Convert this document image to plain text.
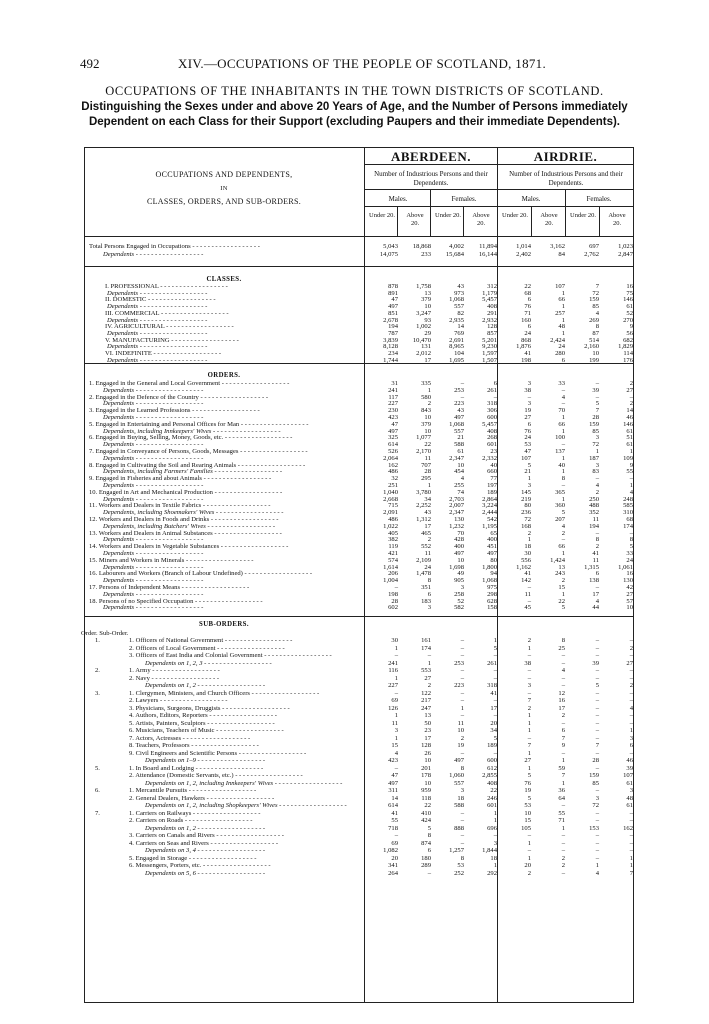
492	XIV.—OCCUPATIONS OF THE PEOPLE OF SCOTLAND, 1871.
OCCUPATIONS OF THE INHABITANTS IN THE TOWN DISTRICTS OF SCOTLAND.
Distinguishing the Sexes under and above 20 Years of Age, and the Number of Persons immediately
Dependent on each Class for their Support (excluding Paupers and their immediate Dependents).
OCCUPATIONS AND DEPENDENTS,
IN
CLASSES, ORDERS, AND SUB-ORDERS.
ABERDEEN.	AIRDRIE.
Number of Industrious Persons and their Dependents.
Number of Industrious Persons and their Dependents.
Males.	Females.	Males.	Females.
Under 20.	Above 20.
Under 20.	Above 20.
Under 20.	Above 20.
Under 20.	Above 20.
CLASSES.
ORDERS.
SUB-ORDERS.
Order. Sub-Order.
Total Persons Engaged in Occupations - - - - - - - - - - - - - - - - - -	5,043	18,868	4,002	11,894	1,014	3,162	697	1,023
Dependents - - - - - - - - - - - - - - - - - -	14,075	233	15,684	16,144	2,402	84	2,762	2,847
I. PROFESSIONAL - - - - - - - - - - - - - - - - - -	878	1,758	43	312	22	107	7	16
Dependents - - - - - - - - - - - - - - - - - -	891	13	973	1,179	68	1	72	75
II. DOMESTIC - - - - - - - - - - - - - - - - - -	47	379	1,068	5,457	6	66	159	146
Dependents - - - - - - - - - - - - - - - - - -	497	10	557	408	76	1	85	61
III. COMMERCIAL - - - - - - - - - - - - - - - - - -	851	3,247	82	291	71	257	4	52
Dependents - - - - - - - - - - - - - - - - - -	2,678	93	2,935	2,932	160	1	269	270
IV. AGRICULTURAL - - - - - - - - - - - - - - - - - -	194	1,002	14	128	6	48	8	9
Dependents - - - - - - - - - - - - - - - - - -	787	29	769	857	24	1	87	56
V. MANUFACTURING - - - - - - - - - - - - - - - - - -	3,839	10,470	2,691	5,201	868	2,424	514	682
Dependents - - - - - - - - - - - - - - - - - -	8,128	131	8,965	9,230	1,876	24	2,160	1,829
VI. INDEFINITE - - - - - - - - - - - - - - - - - -	234	2,012	104	1,597	41	280	10	114
Dependents - - - - - - - - - - - - - - - - - -	1,744	17	1,695	1,507	198	6	199	176
1. Engaged in the General and Local Government - - - - - - - - - - - - - - - - - -	31	335	–	6	3	33	–	2
Dependents - - - - - - - - - - - - - - - - - -	241	1	253	261	38	–	39	27
2. Engaged in the Defence of the Country - - - - - - - - - - - - - - - - - -	117	580	–	–	–	4	–	–
Dependents - - - - - - - - - - - - - - - - - -	227	2	223	318	3	–	5	2
3. Engaged in the Learned Professions - - - - - - - - - - - - - - - - - -	230	843	43	306	19	70	7	14
Dependents - - - - - - - - - - - - - - - - - -	423	10	497	600	27	1	28	46
5. Engaged in Entertaining and Personal Offices for Man - - - - - - - - - - - - - - - - - -	47	379	1,068	5,457	6	66	159	146
Dependents, including Innkeepers' Wives - - - - - - - - - - - - - - - - - -	497	10	557	408	76	1	85	61
6. Engaged in Buying, Selling, Money, Goods, etc. - - - - - - - - - - - - - - - - - -	325	1,077	21	268	24	100	3	51
Dependents - - - - - - - - - - - - - - - - - -	614	22	588	601	53	–	72	61
7. Engaged in Conveyance of Persons, Goods, Messages - - - - - - - - - - - - - - - - - -	526	2,170	61	23	47	137	1	1
Dependents - - - - - - - - - - - - - - - - - -	2,064	11	2,347	2,332	107	1	187	109
8. Engaged in Cultivating the Soil and Rearing Animals - - - - - - - - - - - - - - - - - -	162	707	10	40	5	40	3	9
Dependents, including Farmers' Families - - - - - - - - - - - - - - - - - -	486	28	454	660	21	1	83	55
9. Engaged in Fisheries and about Animals - - - - - - - - - - - - - - - - - -	32	295	4	77	1	8	–	–
Dependents - - - - - - - - - - - - - - - - - -	251	1	255	197	3	–	4	1
10. Engaged in Art and Mechanical Production - - - - - - - - - - - - - - - - - -	1,040	3,780	74	189	145	365	2	4
Dependents - - - - - - - - - - - - - - - - - -	2,668	34	2,703	2,864	219	1	250	248
11. Workers and Dealers in Textile Fabrics - - - - - - - - - - - - - - - - - -	715	2,252	2,007	3,224	80	360	488	585
Dependents, including Shoemakers' Wives - - - - - - - - - - - - - - - - - -	2,091	43	2,347	2,444	236	5	352	310
12. Workers and Dealers in Foods and Drinks - - - - - - - - - - - - - - - - - -	486	1,312	130	542	72	207	11	68
Dependents, including Butchers' Wives - - - - - - - - - - - - - - - - - -	1,022	17	1,232	1,195	168	4	194	174
13. Workers and Dealers in Animal Substances - - - - - - - - - - - - - - - - - -	405	465	70	65	2	2	–	–
Dependents - - - - - - - - - - - - - - - - - -	382	2	428	400	1	–	8	8
14. Workers and Dealers in Vegetable Substances - - - - - - - - - - - - - - - - - -	119	552	400	451	18	66	2	5
Dependents - - - - - - - - - - - - - - - - - -	421	11	497	497	30	1	41	33
15. Miners and Workers in Minerals - - - - - - - - - - - - - - - - - -	574	2,109	10	80	556	1,424	11	24
Dependents - - - - - - - - - - - - - - - - - -	1,614	24	1,698	1,800	1,162	13	1,315	1,061
16. Labourers and Workers (Branch of Labour Undefined) - - - - - - - - - - - - - - - - - -	206	1,478	49	94	41	243	6	16
Dependents - - - - - - - - - - - - - - - - - -	1,004	8	905	1,068	142	2	138	130
17. Persons of Independent Means - - - - - - - - - - - - - - - - - -	–	351	3	975	–	15	–	42
Dependents - - - - - - - - - - - - - - - - - -	198	6	258	298	11	1	17	27
18. Persons of no Specified Occupation - - - - - - - - - - - - - - - - - -	28	183	52	628	–	22	4	57
Dependents - - - - - - - - - - - - - - - - - -	602	3	582	158	45	5	44	10
1.	1. Officers of National Government - - - - - - - - - - - - - - - - - -	30	161	–	1	2	8	–	–
2. Officers of Local Government - - - - - - - - - - - - - - - - - -	1	174	–	5	1	25	–	2
3. Officers of East India and Colonial Government - - - - - - - - - - - - - - - - - -	–	–	–	–	–	–	–	–
Dependents on 1, 2, 3 - - - - - - - - - - - - - - - - - -	241	1	253	261	38	–	39	27
2.	1. Army - - - - - - - - - - - - - - - - - -	116	553	–	–	–	4	–	–
2. Navy - - - - - - - - - - - - - - - - - -	1	27	–	–	–	–	–	–
Dependents on 1, 2 - - - - - - - - - - - - - - - - - -	227	2	223	318	3	–	5	2
3.	1. Clergymen, Ministers, and Church Officers - - - - - - - - - - - - - - - - - -	–	122	–	41	–	12	–	–
2. Lawyers - - - - - - - - - - - - - - - - - -	69	217	–	–	7	16	–	–
3. Physicians, Surgeons, Druggists - - - - - - - - - - - - - - - - - -	126	247	1	17	2	17	–	4
4. Authors, Editors, Reporters - - - - - - - - - - - - - - - - - -	1	13	–	–	1	2	–	–
5. Artists, Painters, Sculptors - - - - - - - - - - - - - - - - - -	11	50	11	20	1	–	–	–
6. Musicians, Teachers of Music - - - - - - - - - - - - - - - - - -	3	23	10	34	1	6	–	1
7. Actors, Actresses - - - - - - - - - - - - - - - - - -	1	17	2	5	–	7	–	3
8. Teachers, Professors - - - - - - - - - - - - - - - - - -	15	128	19	189	7	9	7	6
9. Civil Engineers and Scientific Persons - - - - - - - - - - - - - - - - - -	4	26	–	–	1	–	–	–
Dependents on 1–9 - - - - - - - - - - - - - - - - - -	423	10	497	600	27	1	28	46
5.	1. In Board and Lodging - - - - - - - - - - - - - - - - - -	–	201	8	612	1	59	–	39
2. Attendance (Domestic Servants, etc.) - - - - - - - - - - - - - - - - - -	47	178	1,060	2,855	5	7	159	107
Dependents on 1, 2, including Innkeepers' Wives - - - - - - - - - - - - - - - - - -	497	10	557	408	76	1	85	61
6.	1. Mercantile Pursuits - - - - - - - - - - - - - - - - - -	311	959	3	22	19	36	–	3
2. General Dealers, Hawkers - - - - - - - - - - - - - - - - - -	14	118	18	246	5	64	3	48
Dependents on 1, 2, including Shopkeepers' Wives - - - - - - - - - - - - - - - - - -	614	22	588	601	53	–	72	61
7.	1. Carriers on Railways - - - - - - - - - - - - - - - - - -	41	410	–	1	10	55	–	–
2. Carriers on Roads - - - - - - - - - - - - - - - - - -	55	424	–	1	15	71	–	–
Dependents on 1, 2 - - - - - - - - - - - - - - - - - -	718	5	888	696	105	1	153	162
3. Carriers on Canals and Rivers - - - - - - - - - - - - - - - - - -	–	8	–	–	–	–	–	–
4. Carriers on Seas and Rivers - - - - - - - - - - - - - - - - - -	69	874	–	3	1	–	–	–
Dependents on 3, 4 - - - - - - - - - - - - - - - - - -	1,082	6	1,257	1,844	–	–	–	–
5. Engaged in Storage - - - - - - - - - - - - - - - - - -	20	180	8	18	1	2	–	1
6. Messengers, Porters, etc. - - - - - - - - - - - - - - - - - -	341	289	53	1	20	2	1	1
Dependents on 5, 6 - - - - - - - - - - - - - - - - - -	264	–	252	292	2	–	4	7
